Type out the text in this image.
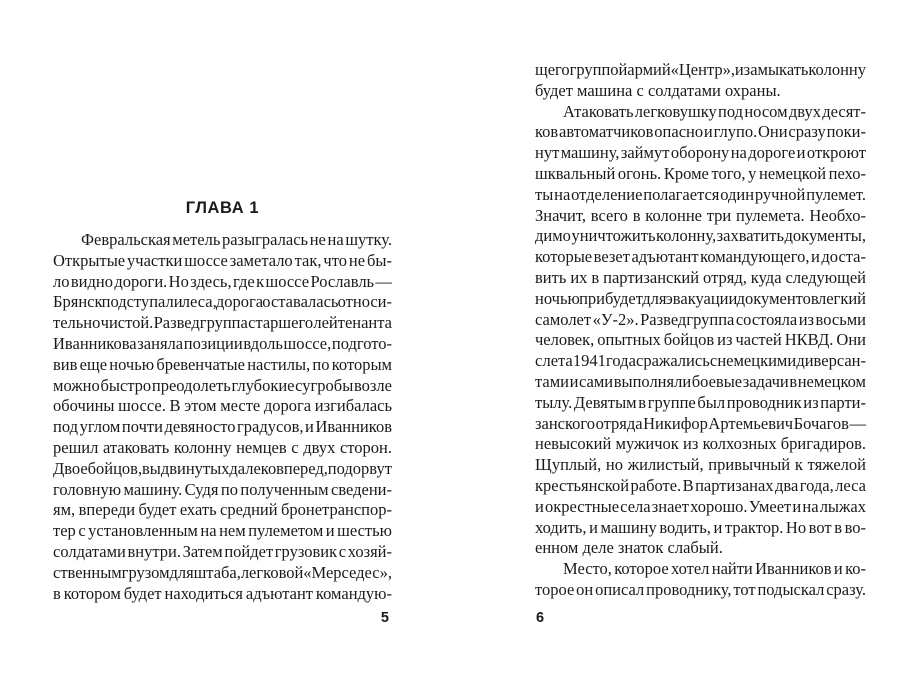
ГЛАВА 1
Февральская метель разыгралась не на шутку.
Открытые участки шоссе заметало так, что не бы-
ло видно дороги. Но здесь, где к шоссе Рославль —
Брянск подступали леса, дорога оставалась относи-
тельно чистой. Разведгруппа старшего лейтенанта
Иванникова заняла позиции вдоль шоссе, подгото-
вив еще ночью бревенчатые настилы, по которым
можно быстро преодолеть глубокие сугробы возле
обочины шоссе. В этом месте дорога изгибалась
под углом почти девяносто градусов, и Иванников
решил атаковать колонну немцев с двух сторон.
Двое бойцов, выдвинутых далеко вперед, подорвут
головную машину. Судя по полученным сведени-
ям, впереди будет ехать средний бронетранспор-
тер с установленным на нем пулеметом и шестью
солдатами внутри. Затем пойдет грузовик с хозяй-
ственным грузом для штаба, легковой «Мерседес»,
в котором будет находиться адъютант командую-
5
щего группой армий «Центр», и замыкать колонну
будет машина с солдатами охраны.
Атаковать легковушку под носом двух десят-
ков автоматчиков опасно и глупо. Они сразу поки-
нут машину, займут оборону на дороге и откроют
шквальный огонь. Кроме того, у немецкой пехо-
ты на отделение полагается один ручной пулемет.
Значит, всего в колонне три пулемета. Необхо-
димо уничтожить колонну, захватить документы,
которые везет адъютант командующего, и доста-
вить их в партизанский отряд, куда следующей
ночью прибудет для эвакуации документов легкий
самолет «У-2». Разведгруппа состояла из восьми
человек, опытных бойцов из частей НКВД. Они
с лета 1941 года сражались с немецкими диверсан-
тами и сами выполняли боевые задачи в немецком
тылу. Девятым в группе был проводник из парти-
занского отряда Никифор Артемьевич Бочагов —
невысокий мужичок из колхозных бригадиров.
Щуплый, но жилистый, привычный к тяжелой
крестьянской работе. В партизанах два года, леса
и окрестные села знает хорошо. Умеет и на лыжах
ходить, и машину водить, и трактор. Но вот в во-
енном деле знаток слабый.
Место, которое хотел найти Иванников и ко-
торое он описал проводнику, тот подыскал сразу.
6
